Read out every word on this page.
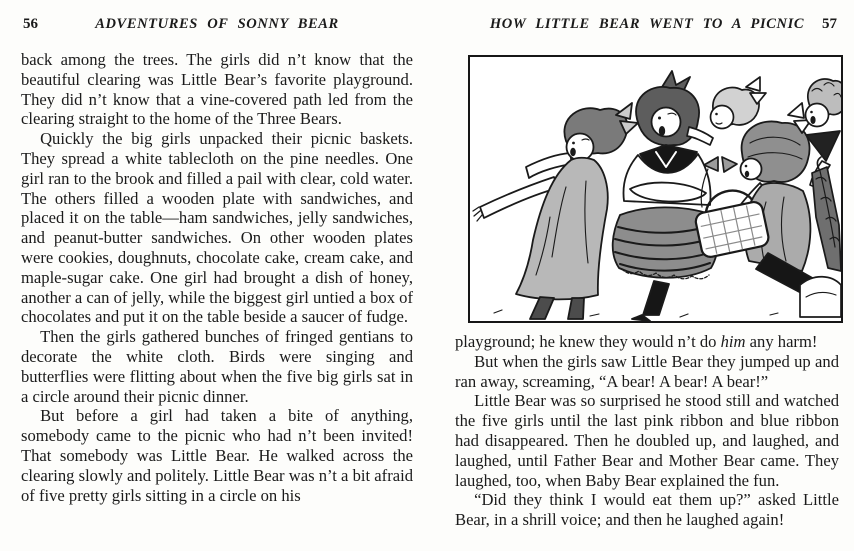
56	ADVENTURES OF SONNY BEAR

back among the trees. The girls did n’t know that the beautiful clearing was Little Bear’s favorite playground. They did n’t know that a vine-covered path led from the clearing straight to the home of the Three Bears.

Quickly the big girls unpacked their picnic baskets. They spread a white tablecloth on the pine needles. One girl ran to the brook and filled a pail with clear, cold water. The others filled a wooden plate with sandwiches, and placed it on the table—ham sandwiches, jelly sandwiches, and peanut-butter sandwiches. On other wooden plates were cookies, doughnuts, chocolate cake, cream cake, and maple-sugar cake. One girl had brought a dish of honey, another a can of jelly, while the biggest girl untied a box of chocolates and put it on the table beside a saucer of fudge.

Then the girls gathered bunches of fringed gentians to decorate the white cloth. Birds were singing and butterflies were flitting about when the five big girls sat in a circle around their picnic dinner.

But before a girl had taken a bite of anything, somebody came to the picnic who had n’t been invited! That somebody was Little Bear. He walked across the clearing slowly and politely. Little Bear was n’t a bit afraid of five pretty girls sitting in a circle on his

HOW LITTLE BEAR WENT TO A PICNIC	57

playground; he knew they would n’t do him any harm!

But when the girls saw Little Bear they jumped up and ran away, screaming, “A bear! A bear! A bear!”

Little Bear was so surprised he stood still and watched the five girls until the last pink ribbon and blue ribbon had disappeared. Then he doubled up, and laughed, and laughed, until Father Bear and Mother Bear came. They laughed, too, when Baby Bear explained the fun.

“Did they think I would eat them up?” asked Little Bear, in a shrill voice; and then he laughed again!
